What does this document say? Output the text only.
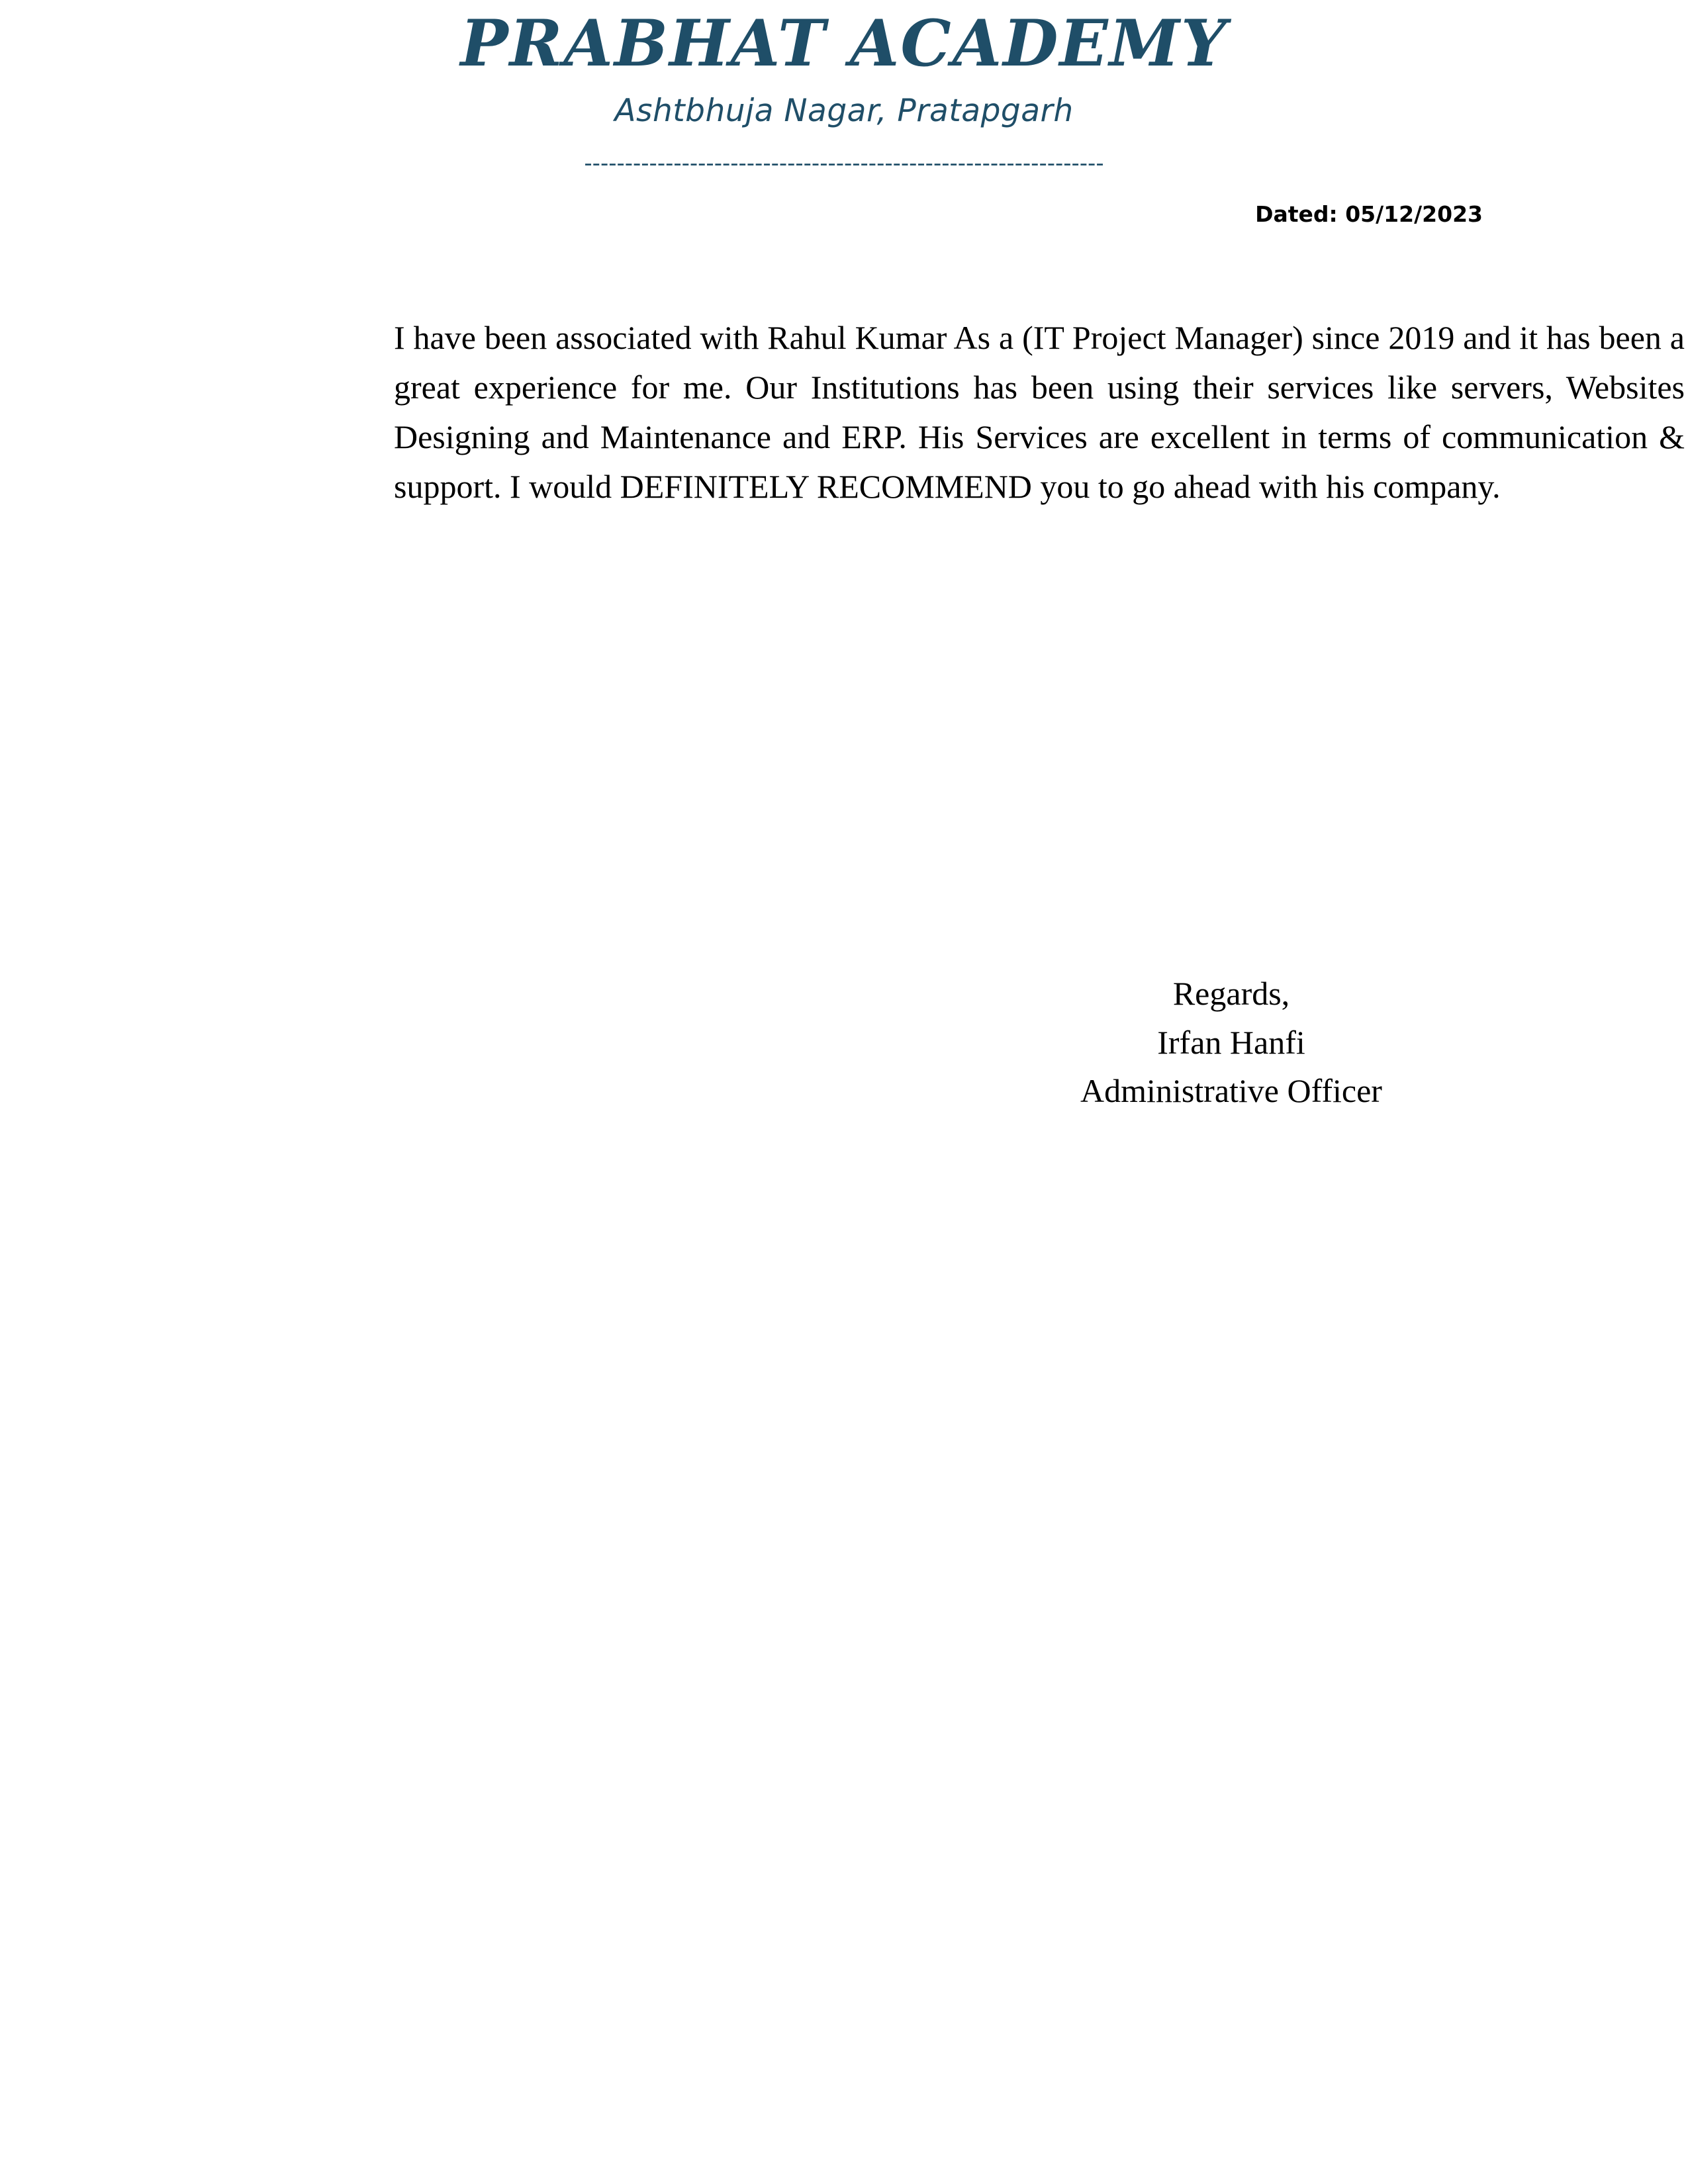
PRABHAT ACADEMY
Ashtbhuja Nagar, Pratapgarh
----------------------------------------------------------------
Dated: 05/12/2023

I have been associated with Rahul Kumar As a (IT Project Manager) since 2019 and it has been a great experience for me. Our Institutions has been using their services like servers, Websites Designing and Maintenance and ERP. His Services are excellent in terms of communication & support. I would DEFINITELY RECOMMEND you to go ahead with his company.

Regards,
Irfan Hanfi
Administrative Officer
